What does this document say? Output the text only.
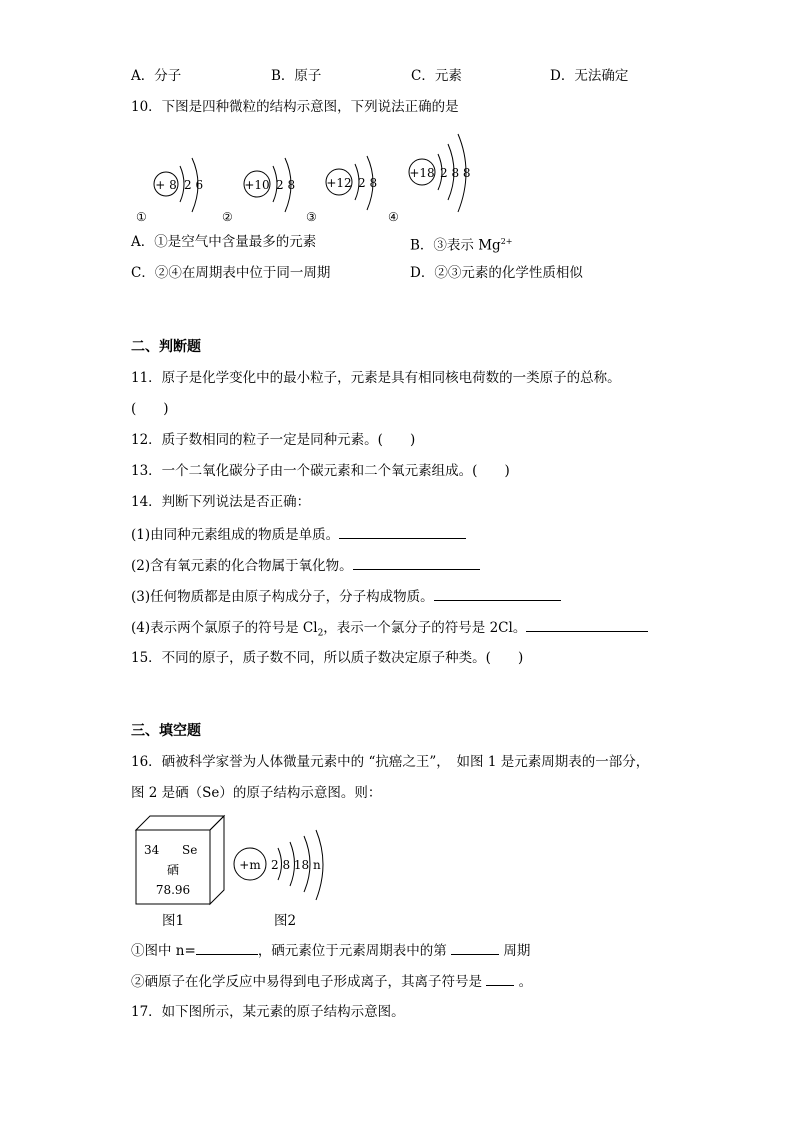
A．分子	B．原子	C．元素	D．无法确定
10．下图是四种微粒的结构示意图，下列说法正确的是
+ 8 2 6
①
+10 2 8
②
+12 2 8
③
+18 2 8 8
④
A．①是空气中含量最多的元素	B．③表示 $Mg^{2+}$
C．②④在周期表中位于同一周期	D．②③元素的化学性质相似
二、判断题
11．原子是化学变化中的最小粒子，元素是具有相同核电荷数的一类原子的总称。
(　　)
12．质子数相同的粒子一定是同种元素。(　　)
13．一个二氧化碳分子由一个碳元素和二个氧元素组成。(　　)
14．判断下列说法是否正确：
(1)由同种元素组成的物质是单质。
(2)含有氧元素的化合物属于氧化物。
(3)任何物质都是由原子构成分子，分子构成物质。
(4)表示两个氯原子的符号是 $Cl_2$，表示一个氯分子的符号是 2Cl。
15．不同的原子，质子数不同，所以质子数决定原子种类。(　　)
三、填空题
16．硒被科学家誉为人体微量元素中的 “抗癌之王”，　如图 1 是元素周期表的一部分，
图 2 是硒（Se）的原子结构示意图。则：
34 Se
硒
78.96
+m 2 8 18 n
图1	图2
①图中 n=	，硒元素位于元素周期表中的第	周期
②硒原子在化学反应中易得到电子形成离子，其离子符号是	。
17．如下图所示，某元素的原子结构示意图。
